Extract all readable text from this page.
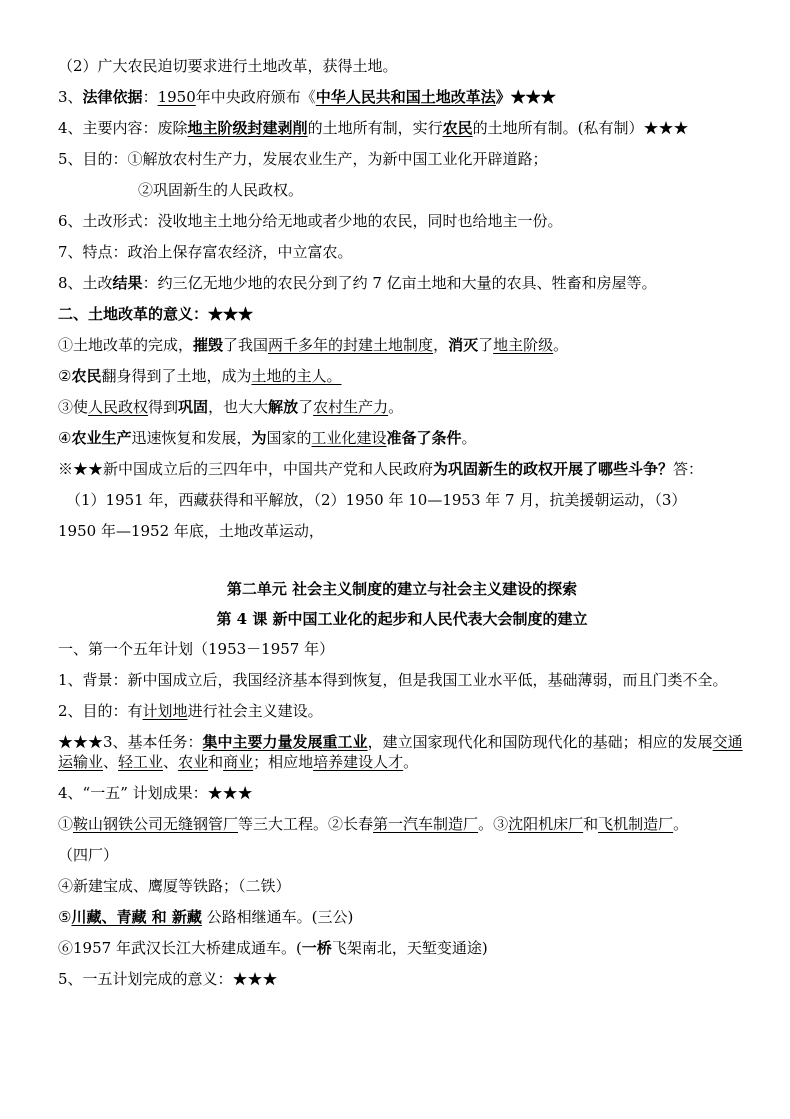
（2）广大农民迫切要求进行土地改革，获得土地。
3、法律依据：1950年中央政府颁布《中华人民共和国土地改革法》★★★
4、主要内容：废除地主阶级封建剥削的土地所有制，实行农民的土地所有制。(私有制）★★★
5、目的：①解放农村生产力，发展农业生产，为新中国工业化开辟道路；
②巩固新生的人民政权。
6、土改形式：没收地主土地分给无地或者少地的农民，同时也给地主一份。
7、特点：政治上保存富农经济，中立富农。
8、土改结果：约三亿无地少地的农民分到了约 7 亿亩土地和大量的农具、牲畜和房屋等。
二、土地改革的意义：★★★
①土地改革的完成，摧毁了我国两千多年的封建土地制度，消灭了地主阶级。
②农民翻身得到了土地，成为土地的主人。
③使人民政权得到巩固，也大大解放了农村生产力。
④农业生产迅速恢复和发展，为国家的工业化建设准备了条件。
※★★新中国成立后的三四年中，中国共产党和人民政府为巩固新生的政权开展了哪些斗争？答：
（1）1951 年，西藏获得和平解放，（2）1950 年 10—1953 年 7 月，抗美援朝运动，（3）
1950 年—1952 年底，土地改革运动，
第二单元 社会主义制度的建立与社会主义建设的探索
第 4 课 新中国工业化的起步和人民代表大会制度的建立
一、第一个五年计划（1953－1957 年）
1、背景：新中国成立后，我国经济基本得到恢复，但是我国工业水平低，基础薄弱，而且门类不全。
2、目的：有计划地进行社会主义建设。
★★★3、基本任务：集中主要力量发展重工业，建立国家现代化和国防现代化的基础；相应的发展交通运输业、轻工业、农业和商业；相应地培养建设人才。
4、“一五” 计划成果：★★★
①鞍山钢铁公司无缝钢管厂等三大工程。②长春第一汽车制造厂。③沈阳机床厂和飞机制造厂。
（四厂）
④新建宝成、鹰厦等铁路；（二铁）
⑤川藏、青藏 和 新藏 公路相继通车。(三公)
⑥1957 年武汉长江大桥建成通车。(一桥飞架南北，天堑变通途)
5、一五计划完成的意义：★★★
